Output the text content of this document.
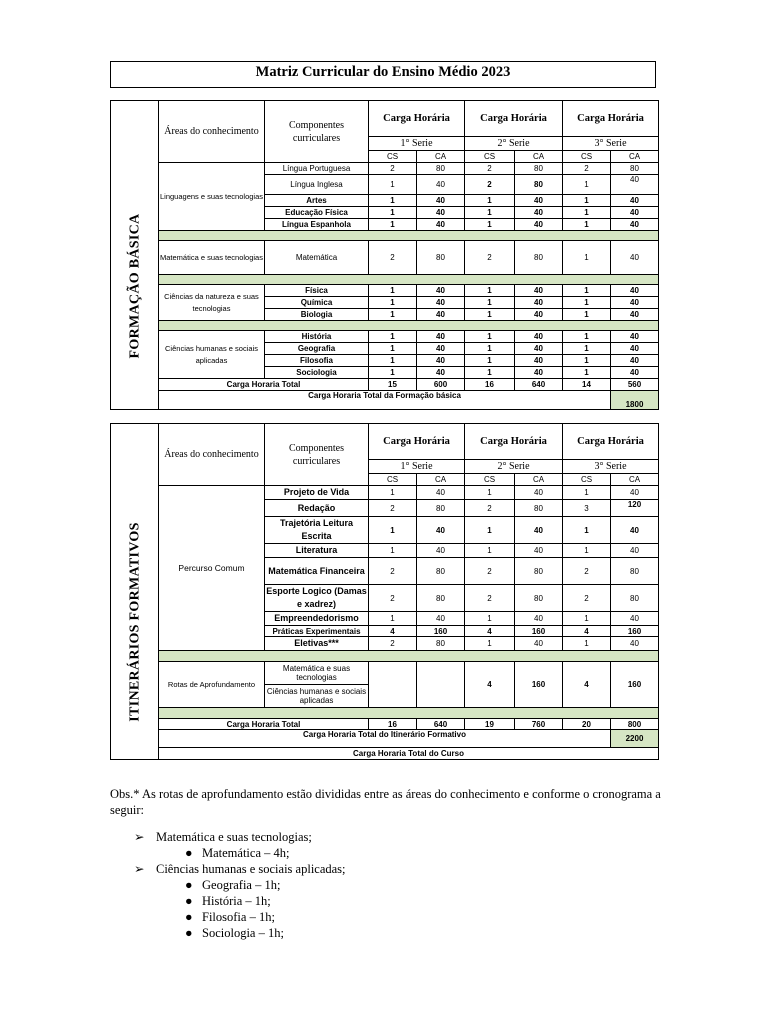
Matriz Curricular do Ensino Médio 2023
	Áreas do conhecimento	Componentes curriculares	Carga Horária		Carga Horária		Carga Horária	
			1° Serie		2° Serie		3° Serie	
			CS	CA	CS	CA	CS	CA

FORMAÇÃO BÁSICA	Linguagens e suas tecnologias	Língua Portuguesa	2	80	2	80	2	80
		Língua Inglesa	1	40	2	80	1	40
		Artes	1	40	1	40	1	40
		Educação Física	1	40	1	40	1	40
		Língua Espanhola	1	40	1	40	1	40

	Matemática e suas tecnologias	Matemática	2	80	2	80	1	40

	Ciências da natureza e suas tecnologias	Física	1	40	1	40	1	40
		Química	1	40	1	40	1	40
		Biologia	1	40	1	40	1	40

	Ciências humanas e sociais aplicadas	História	1	40	1	40	1	40
		Geografia	1	40	1	40	1	40
		Filosofia	1	40	1	40	1	40
		Sociologia	1	40	1	40	1	40
	Carga Horaria Total		15	600	16	640	14	560
	Carga Horaria Total da Formação básica							1800
	Áreas do conhecimento	Componentes curriculares	Carga Horária		Carga Horária		Carga Horária		
			1° Serie		2° Serie		3° Serie		
			CS	CA	CS	CA	CS	CA	

ITINERÁRIOS FORMATIVOS	Percurso Comum	Projeto de Vida	1	40	1	40	1	40	
		Redação	2	80	2	80	3	120	
		Trajetória Leitura Escrita	1	40	1	40	1	40	
		Literatura	1	40	1	40	1	40	
		Matemática Financeira	2	80	2	80	2	80	
		Esporte Logico (Damas e xadrez)	2	80	2	80	2	80	
		Empreendedorismo	1	40	1	40	1	40	
		Práticas Experimentais	4	160	4	160	4	160	
		Eletivas***	2	80	1	40	1	40	

	Rotas de Aprofundamento	Matemática e suas tecnologias			4	160	4	160	
		Ciências humanas e sociais aplicadas							

	Carga Horaria Total		16	640	19	760	20	800	
	Carga Horaria Total do Itinerário Formativo							2200	
	Carga Horaria Total do Curso	
Obs.* As rotas de aprofundamento estão divididas entre as áreas do conhecimento e conforme o cronograma a seguir:
➢ Matemática e suas tecnologias;
● Matemática – 4h;
➢ Ciências humanas e sociais aplicadas;
● Geografia – 1h;
● História – 1h;
● Filosofia – 1h;
● Sociologia – 1h;
